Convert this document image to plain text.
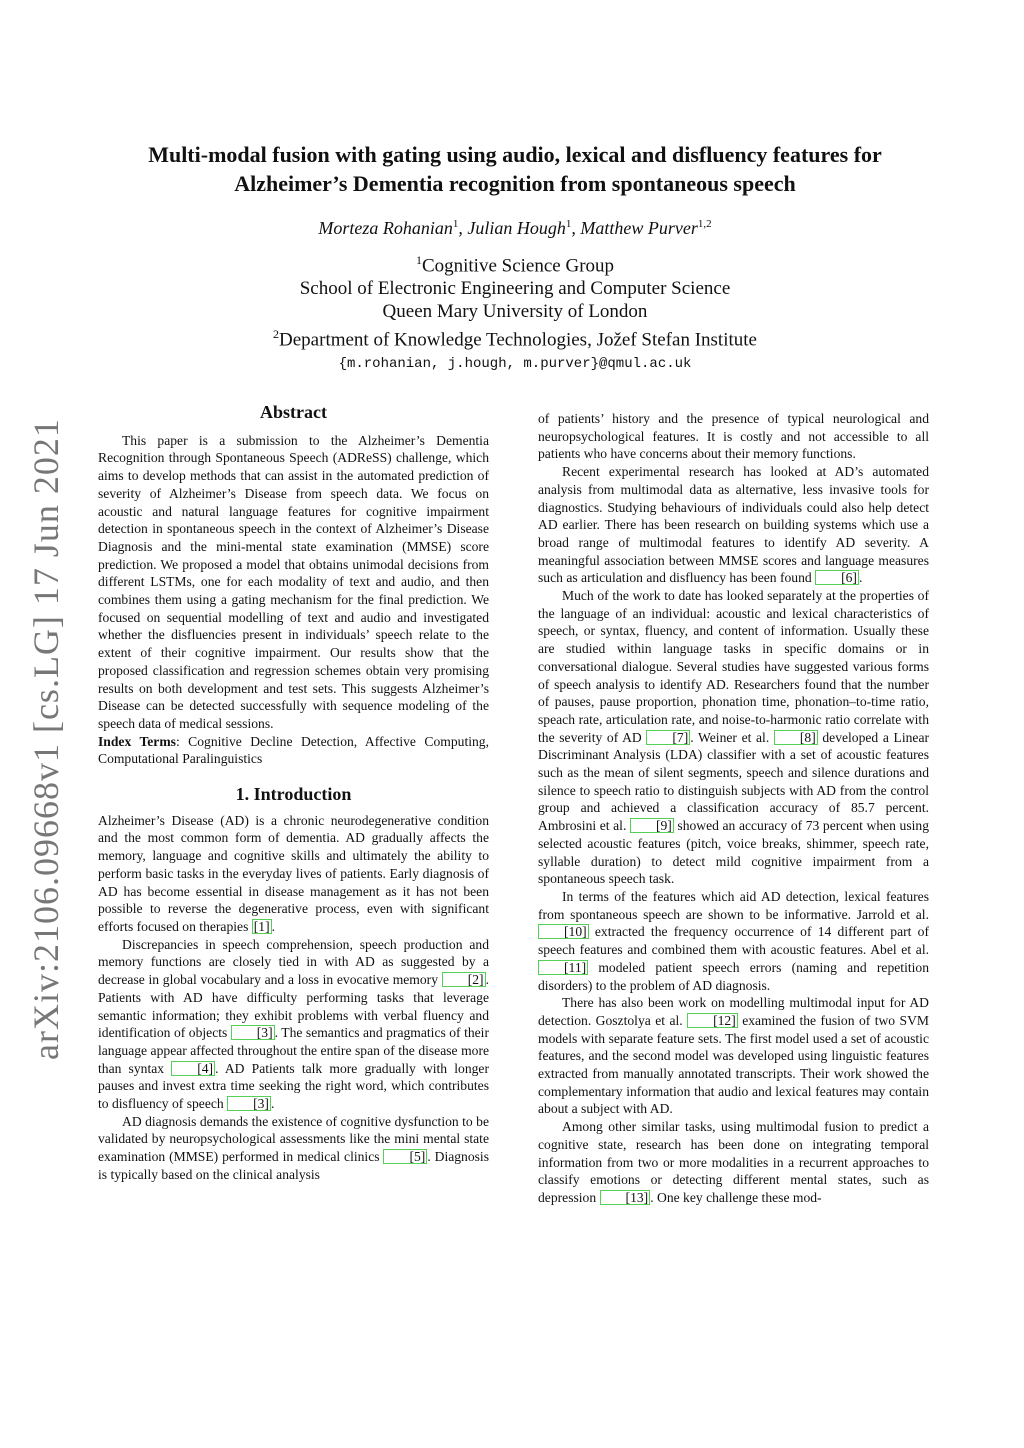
arXiv:2106.09668v1 [cs.LG] 17 Jun 2021
Multi-modal fusion with gating using audio, lexical and disfluency features for
Alzheimer’s Dementia recognition from spontaneous speech
Morteza Rohanian$^1$, Julian Hough$^1$, Matthew Purver$^{1,2}$
$^1$Cognitive Science Group
School of Electronic Engineering and Computer Science
Queen Mary University of London
$^2$Department of Knowledge Technologies, Jožef Stefan Institute
{m.rohanian, j.hough, m.purver}@qmul.ac.uk
Abstract

This paper is a submission to the Alzheimer’s Dementia Recognition through Spontaneous Speech (ADReSS) challenge, which aims to develop methods that can assist in the automated prediction of severity of Alzheimer’s Disease from speech data. We focus on acoustic and natural language features for cognitive impairment detection in spontaneous speech in the context of Alzheimer’s Disease Diagnosis and the mini-mental state examination (MMSE) score prediction. We proposed a model that obtains unimodal decisions from different LSTMs, one for each modality of text and audio, and then combines them using a gating mechanism for the final prediction. We focused on sequential modelling of text and audio and investigated whether the disfluencies present in individuals’ speech relate to the extent of their cognitive impairment. Our results show that the proposed classification and regression schemes obtain very promising results on both development and test sets. This suggests Alzheimer’s Disease can be detected successfully with sequence modeling of the speech data of medical sessions.

Index Terms: Cognitive Decline Detection, Affective Computing, Computational Paralinguistics

1. Introduction

Alzheimer’s Disease (AD) is a chronic neurodegenerative condition and the most common form of dementia. AD gradually affects the memory, language and cognitive skills and ultimately the ability to perform basic tasks in the everyday lives of patients. Early diagnosis of AD has become essential in disease management as it has not been possible to reverse the degenerative process, even with significant efforts focused on therapies [1] .

Discrepancies in speech comprehension, speech production and memory functions are closely tied in with AD as suggested by a decrease in global vocabulary and a loss in evocative memory [2] . Patients with AD have difficulty performing tasks that leverage semantic information; they exhibit problems with verbal fluency and identification of objects [3] . The semantics and pragmatics of their language appear affected throughout the entire span of the disease more than syntax [4] . AD Patients talk more gradually with longer pauses and invest extra time seeking the right word, which contributes to disfluency of speech [3] .

AD diagnosis demands the existence of cognitive dysfunction to be validated by neuropsychological assessments like the mini mental state examination (MMSE) performed in medical clinics [5] . Diagnosis is typically based on the clinical analysis

of patients’ history and the presence of typical neurological and neuropsychological features. It is costly and not accessible to all patients who have concerns about their memory functions.

Recent experimental research has looked at AD’s automated analysis from multimodal data as alternative, less invasive tools for diagnostics. Studying behaviours of individuals could also help detect AD earlier. There has been research on building systems which use a broad range of multimodal features to identify AD severity. A meaningful association between MMSE scores and language measures such as articulation and disfluency has been found [6] .

Much of the work to date has looked separately at the properties of the language of an individual: acoustic and lexical characteristics of speech, or syntax, fluency, and content of information. Usually these are studied within language tasks in specific domains or in conversational dialogue. Several studies have suggested various forms of speech analysis to identify AD. Researchers found that the number of pauses, pause proportion, phonation time, phonation–to-time ratio, speach rate, articulation rate, and noise-to-harmonic ratio correlate with the severity of AD [7] . Weiner et al. [8] developed a Linear Discriminant Analysis (LDA) classifier with a set of acoustic features such as the mean of silent segments, speech and silence durations and silence to speech ratio to distinguish subjects with AD from the control group and achieved a classification accuracy of 85.7 percent. Ambrosini et al. [9] showed an accuracy of 73 percent when using selected acoustic features (pitch, voice breaks, shimmer, speech rate, syllable duration) to detect mild cognitive impairment from a spontaneous speech task.

In terms of the features which aid AD detection, lexical features from spontaneous speech are shown to be informative. Jarrold et al. [10] extracted the frequency occurrence of 14 different part of speech features and combined them with acoustic features. Abel et al. [11] modeled patient speech errors (naming and repetition disorders) to the problem of AD diagnosis.

There has also been work on modelling multimodal input for AD detection. Gosztolya et al. [12] examined the fusion of two SVM models with separate feature sets. The first model used a set of acoustic features, and the second model was developed using linguistic features extracted from manually annotated transcripts. Their work showed the complementary information that audio and lexical features may contain about a subject with AD.

Among other similar tasks, using multimodal fusion to predict a cognitive state, research has been done on integrating temporal information from two or more modalities in a recurrent approaches to classify emotions or detecting different mental states, such as depression [13] . One key challenge these mod-
